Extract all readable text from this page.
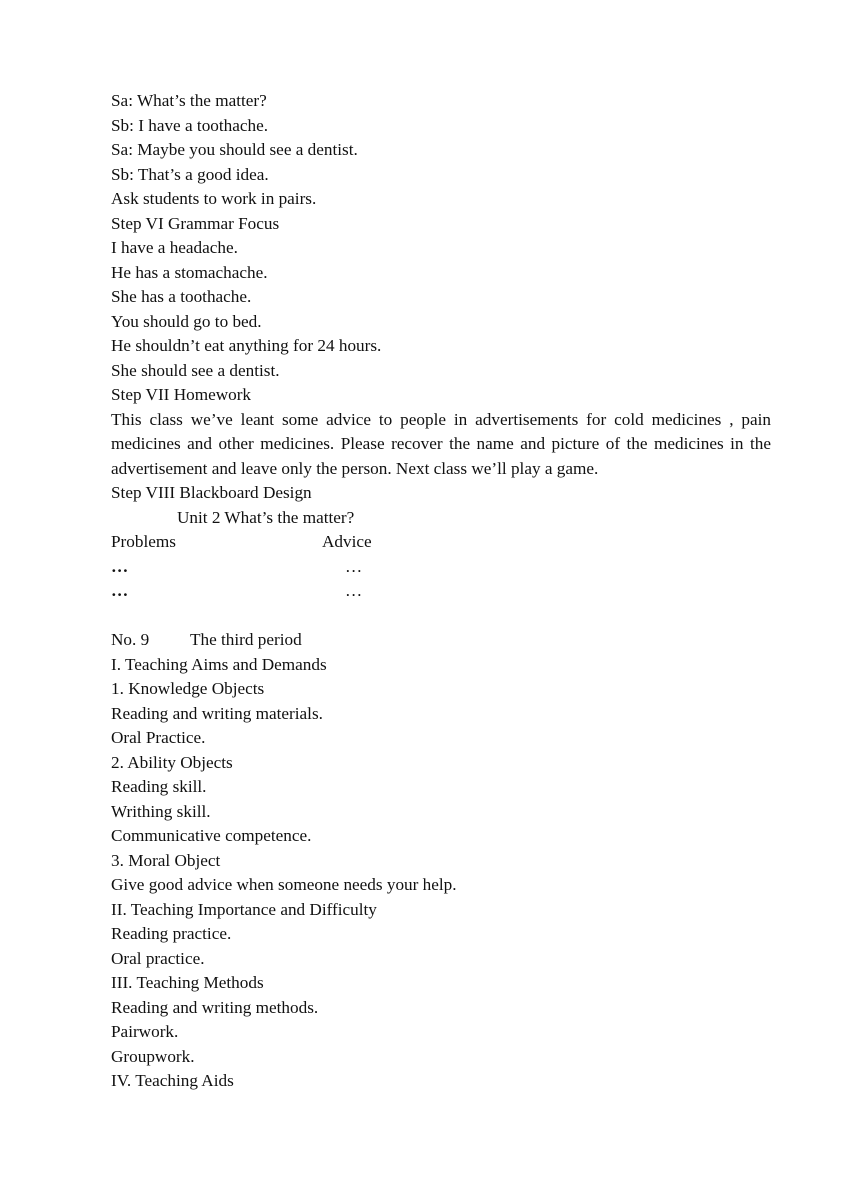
Sa: What’s the matter?
Sb: I have a toothache.
Sa: Maybe you should see a dentist.
Sb: That’s a good idea.
Ask students to work in pairs.
Step VI Grammar Focus
I have a headache.
He has a stomachache.
She has a toothache.
You should go to bed.
He shouldn’t eat anything for 24 hours.
She should see a dentist.
Step VII Homework
This class we’ve leant some advice to people in advertisements for cold medicines , pain medicines and other medicines. Please recover the name and picture of the medicines in the advertisement and leave only the person. Next class we’ll play a game.
Step VIII Blackboard Design
Unit 2 What’s the matter?
Problems	Advice
…	…
…	…
No. 9	The third period
I. Teaching Aims and Demands
1. Knowledge Objects
Reading and writing materials.
Oral Practice.
2. Ability Objects
Reading skill.
Writhing skill.
Communicative competence.
3. Moral Object
Give good advice when someone needs your help.
II. Teaching Importance and Difficulty
Reading practice.
Oral practice.
III. Teaching Methods
Reading and writing methods.
Pairwork.
Groupwork.
IV. Teaching Aids
